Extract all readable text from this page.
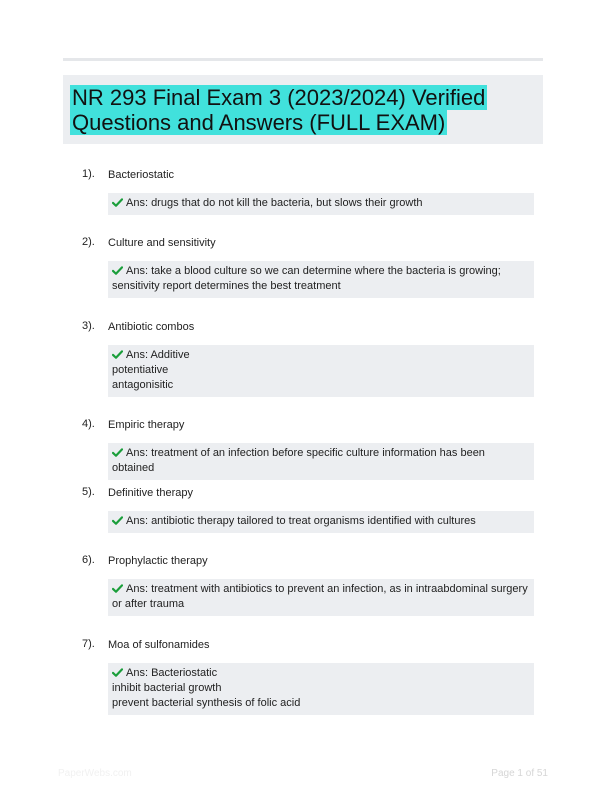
NR 293 Final Exam 3 (2023/2024) Verified Questions and Answers (FULL EXAM)
1). Bacteriostatic
Ans: drugs that do not kill the bacteria, but slows their growth
2). Culture and sensitivity
Ans: take a blood culture so we can determine where the bacteria is growing; sensitivity report determines the best treatment
3). Antibiotic combos
Ans: Additive
potentiative
antagonisitic
4). Empiric therapy
Ans: treatment of an infection before specific culture information has been obtained
5). Definitive therapy
Ans: antibiotic therapy tailored to treat organisms identified with cultures
6). Prophylactic therapy
Ans: treatment with antibiotics to prevent an infection, as in intraabdominal surgery or after trauma
7). Moa of sulfonamides
Ans: Bacteriostatic
inhibit bacterial growth
prevent bacterial synthesis of folic acid
PaperWebs.com	Page 1 of 51
